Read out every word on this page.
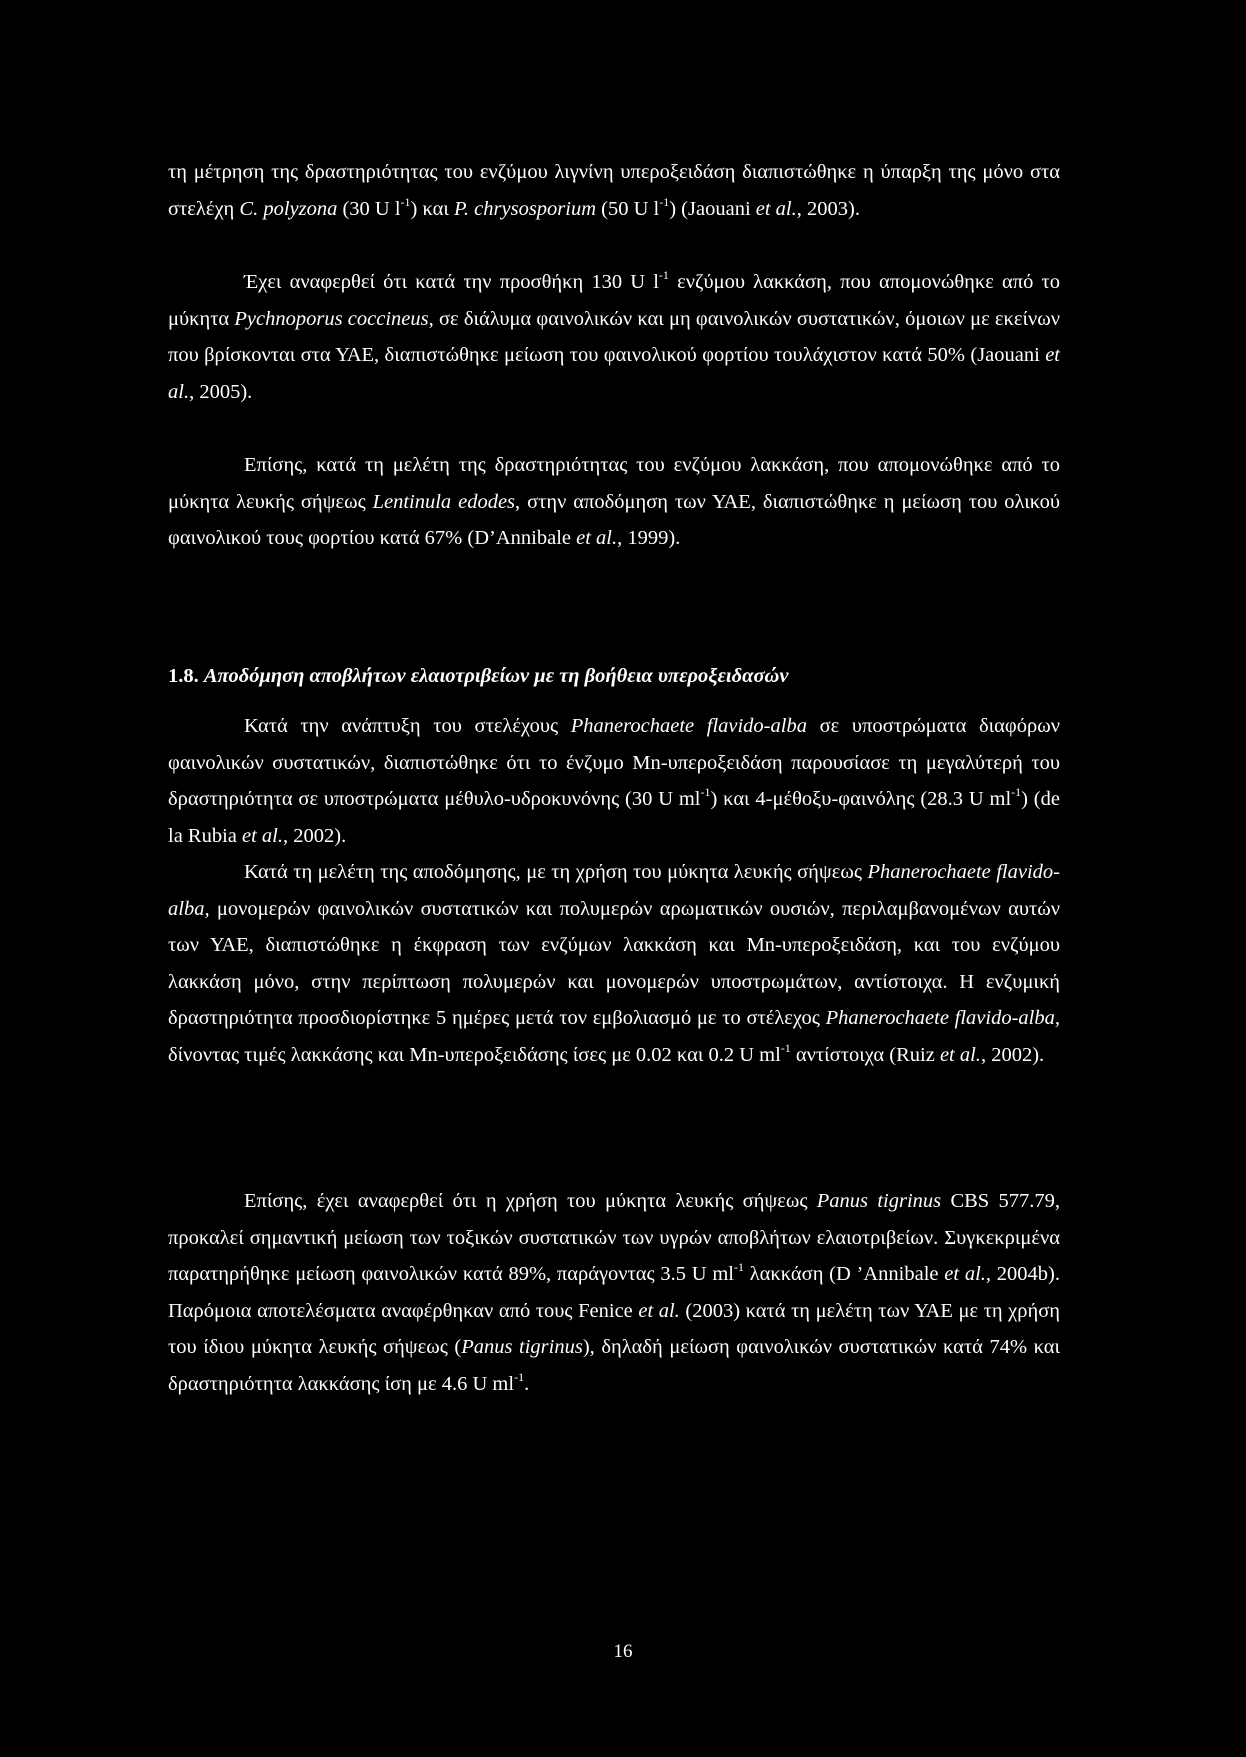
τη μέτρηση της δραστηριότητας του ενζύμου λιγνίνη υπεροξειδάση διαπιστώθηκε η ύπαρξη της μόνο στα στελέχη C. polyzona (30 U $l^{-1}$) και P. chrysosporium (50 U $l^{-1}$) (Jaouani et al., 2003).

Έχει αναφερθεί ότι κατά την προσθήκη 130 U $l^{-1}$ ενζύμου λακκάση, που απομονώθηκε από το μύκητα Pychnoporus coccineus, σε διάλυμα φαινολικών και μη φαινολικών συστατικών, όμοιων με εκείνων που βρίσκονται στα ΥΑΕ, διαπιστώθηκε μείωση του φαινολικού φορτίου τουλάχιστον κατά 50% (Jaouani et al., 2005).

Επίσης, κατά τη μελέτη της δραστηριότητας του ενζύμου λακκάση, που απομονώθηκε από το μύκητα λευκής σήψεως Lentinula edodes, στην αποδόμηση των ΥΑΕ, διαπιστώθηκε η μείωση του ολικού φαινολικού τους φορτίου κατά 67% (D’Annibale et al., 1999).

1.8. Αποδόμηση αποβλήτων ελαιοτριβείων με τη βοήθεια υπεροξειδασών

Κατά την ανάπτυξη του στελέχους Phanerochaete flavido-alba σε υποστρώματα διαφόρων φαινολικών συστατικών, διαπιστώθηκε ότι το ένζυμο Mn-υπεροξειδάση παρουσίασε τη μεγαλύτερή του δραστηριότητα σε υποστρώματα μέθυλο-υδροκυνόνης (30 U $ml^{-1}$) και 4-μέθοξυ-φαινόλης (28.3 U $ml^{-1}$) (de la Rubia et al., 2002).

Κατά τη μελέτη της αποδόμησης, με τη χρήση του μύκητα λευκής σήψεως Phanerochaete flavido-alba, μονομερών φαινολικών συστατικών και πολυμερών αρωματικών ουσιών, περιλαμβανομένων αυτών των ΥΑΕ, διαπιστώθηκε η έκφραση των ενζύμων λακκάση και Mn-υπεροξειδάση, και του ενζύμου λακκάση μόνο, στην περίπτωση πολυμερών και μονομερών υποστρωμάτων, αντίστοιχα. Η ενζυμική δραστηριότητα προσδιορίστηκε 5 ημέρες μετά τον εμβολιασμό με το στέλεχος Phanerochaete flavido-alba, δίνοντας τιμές λακκάσης και Mn-υπεροξειδάσης ίσες με 0.02 και 0.2 U $ml^{-1}$ αντίστοιχα (Ruiz et al., 2002).

Επίσης, έχει αναφερθεί ότι η χρήση του μύκητα λευκής σήψεως Panus tigrinus CBS 577.79, προκαλεί σημαντική μείωση των τοξικών συστατικών των υγρών αποβλήτων ελαιοτριβείων. Συγκεκριμένα παρατηρήθηκε μείωση φαινολικών κατά 89%, παράγοντας 3.5 U $ml^{-1}$ λακκάση (D ’Annibale et al., 2004b). Παρόμοια αποτελέσματα αναφέρθηκαν από τους Fenice et al. (2003) κατά τη μελέτη των ΥΑΕ με τη χρήση του ίδιου μύκητα λευκής σήψεως (Panus tigrinus), δηλαδή μείωση φαινολικών συστατικών κατά 74% και δραστηριότητα λακκάσης ίση με 4.6 U $ml^{-1}$.

16
